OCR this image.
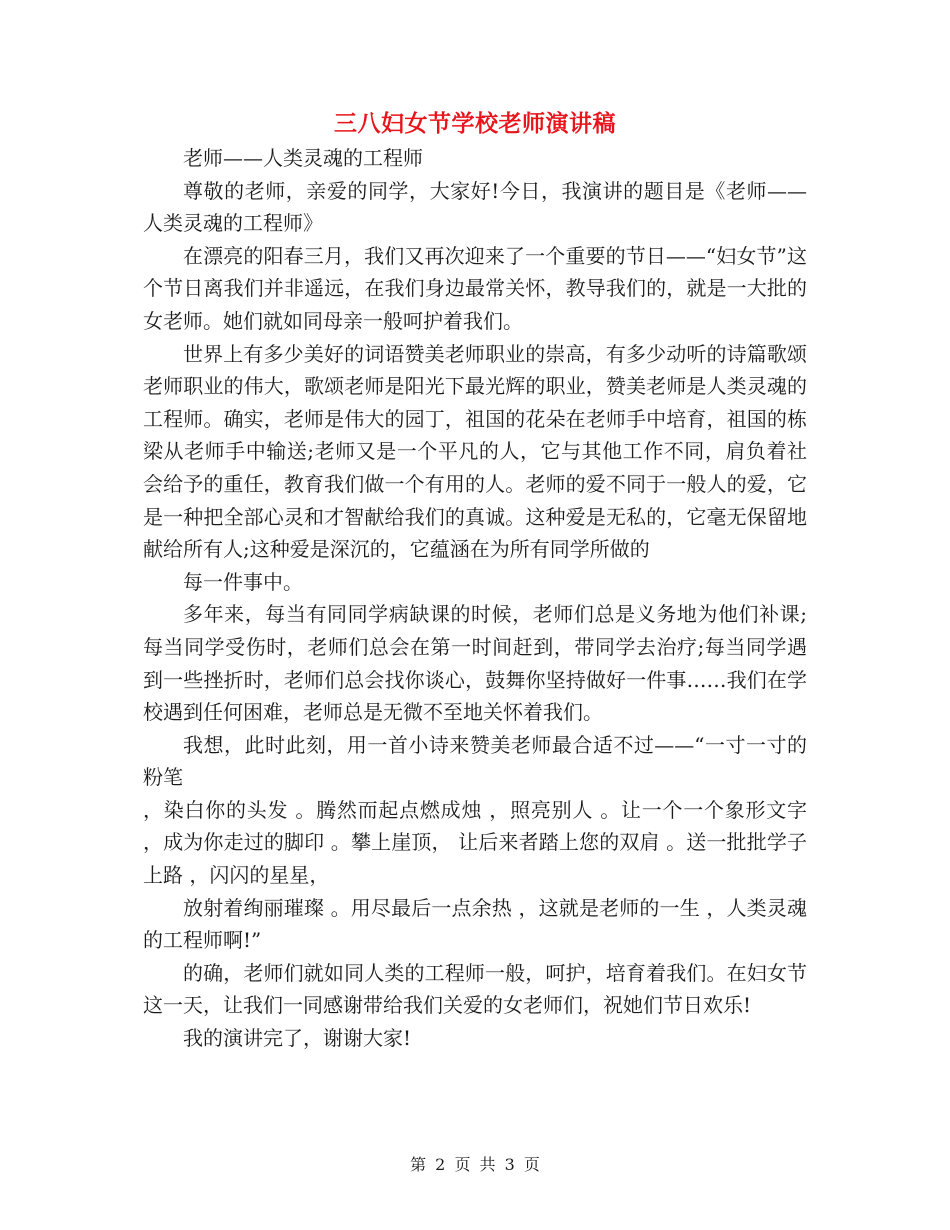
三八妇女节学校老师演讲稿

老师——人类灵魂的工程师

尊敬的老师，亲爱的同学，大家好!今日，我演讲的题目是《老师——人类灵魂的工程师》

在漂亮的阳春三月，我们又再次迎来了一个重要的节日——“妇女节”这个节日离我们并非遥远，在我们身边最常关怀，教导我们的，就是一大批的女老师。她们就如同母亲一般呵护着我们。

世界上有多少美好的词语赞美老师职业的崇高，有多少动听的诗篇歌颂老师职业的伟大，歌颂老师是阳光下最光辉的职业，赞美老师是人类灵魂的工程师。确实，老师是伟大的园丁，祖国的花朵在老师手中培育，祖国的栋梁从老师手中输送;老师又是一个平凡的人，它与其他工作不同，肩负着社会给予的重任，教育我们做一个有用的人。老师的爱不同于一般人的爱，它是一种把全部心灵和才智献给我们的真诚。这种爱是无私的，它毫无保留地献给所有人;这种爱是深沉的，它蕴涵在为所有同学所做的

每一件事中。

多年来，每当有同同学病缺课的时候，老师们总是义务地为他们补课;每当同学受伤时，老师们总会在第一时间赶到，带同学去治疗;每当同学遇到一些挫折时，老师们总会找你谈心，鼓舞你坚持做好一件事……我们在学校遇到任何困难，老师总是无微不至地关怀着我们。

我想，此时此刻，用一首小诗来赞美老师最合适不过——“一寸一寸的粉笔

，染白你的头发 。腾然而起点燃成烛 ，照亮别人 。让一个一个象形文字 ，成为你走过的脚印 。攀上崖顶， 让后来者踏上您的双肩 。送一批批学子上路 ，闪闪的星星，

放射着绚丽璀璨 。用尽最后一点余热 ，这就是老师的一生 ，人类灵魂的工程师啊!”

的确，老师们就如同人类的工程师一般，呵护，培育着我们。在妇女节这一天，让我们一同感谢带给我们关爱的女老师们，祝她们节日欢乐!

我的演讲完了，谢谢大家!

第 2 页 共 3 页
